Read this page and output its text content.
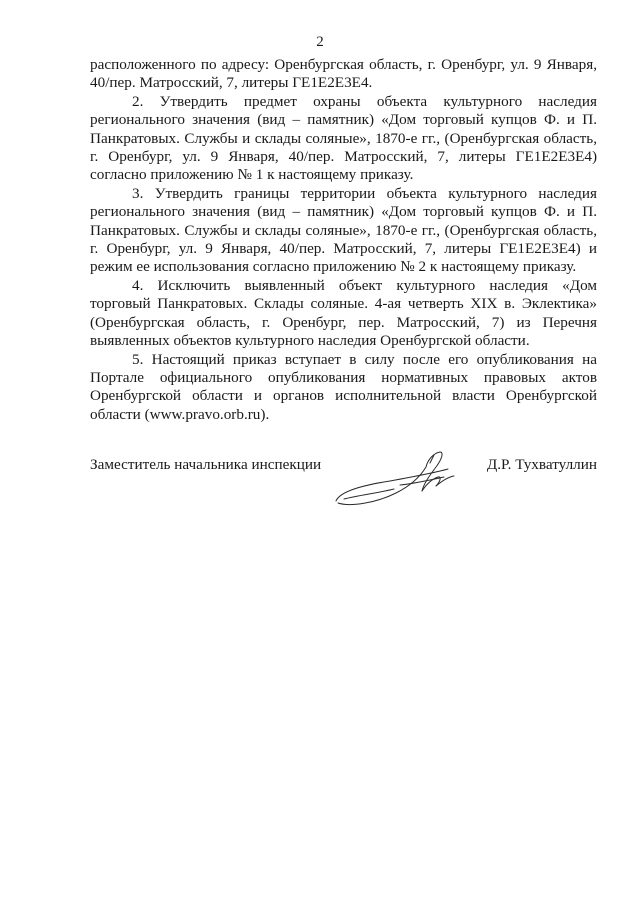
2

расположенного по адресу: Оренбургская область, г. Оренбург, ул. 9 Января, 40/пер. Матросский, 7, литеры ГЕ1Е2Е3Е4.

2. Утвердить предмет охраны объекта культурного наследия регионального значения (вид – памятник) «Дом торговый купцов Ф. и П. Панкратовых. Службы и склады соляные», 1870-е гг., (Оренбургская область, г. Оренбург, ул. 9 Января, 40/пер. Матросский, 7, литеры ГЕ1Е2Е3Е4) согласно приложению № 1 к настоящему приказу.

3. Утвердить границы территории объекта культурного наследия регионального значения (вид – памятник) «Дом торговый купцов Ф. и П. Панкратовых. Службы и склады соляные», 1870-е гг., (Оренбургская область, г. Оренбург, ул. 9 Января, 40/пер. Матросский, 7, литеры ГЕ1Е2Е3Е4) и режим ее использования согласно приложению № 2 к настоящему приказу.

4. Исключить выявленный объект культурного наследия «Дом торговый Панкратовых. Склады соляные. 4-ая четверть XIX в. Эклектика» (Оренбургская область, г. Оренбург, пер. Матросский, 7) из Перечня выявленных объектов культурного наследия Оренбургской области.

5. Настоящий приказ вступает в силу после его опубликования на Портале официального опубликования нормативных правовых актов Оренбургской области и органов исполнительной власти Оренбургской области (www.pravo.orb.ru).

Заместитель начальника инспекции	Д.Р. Тухватуллин
